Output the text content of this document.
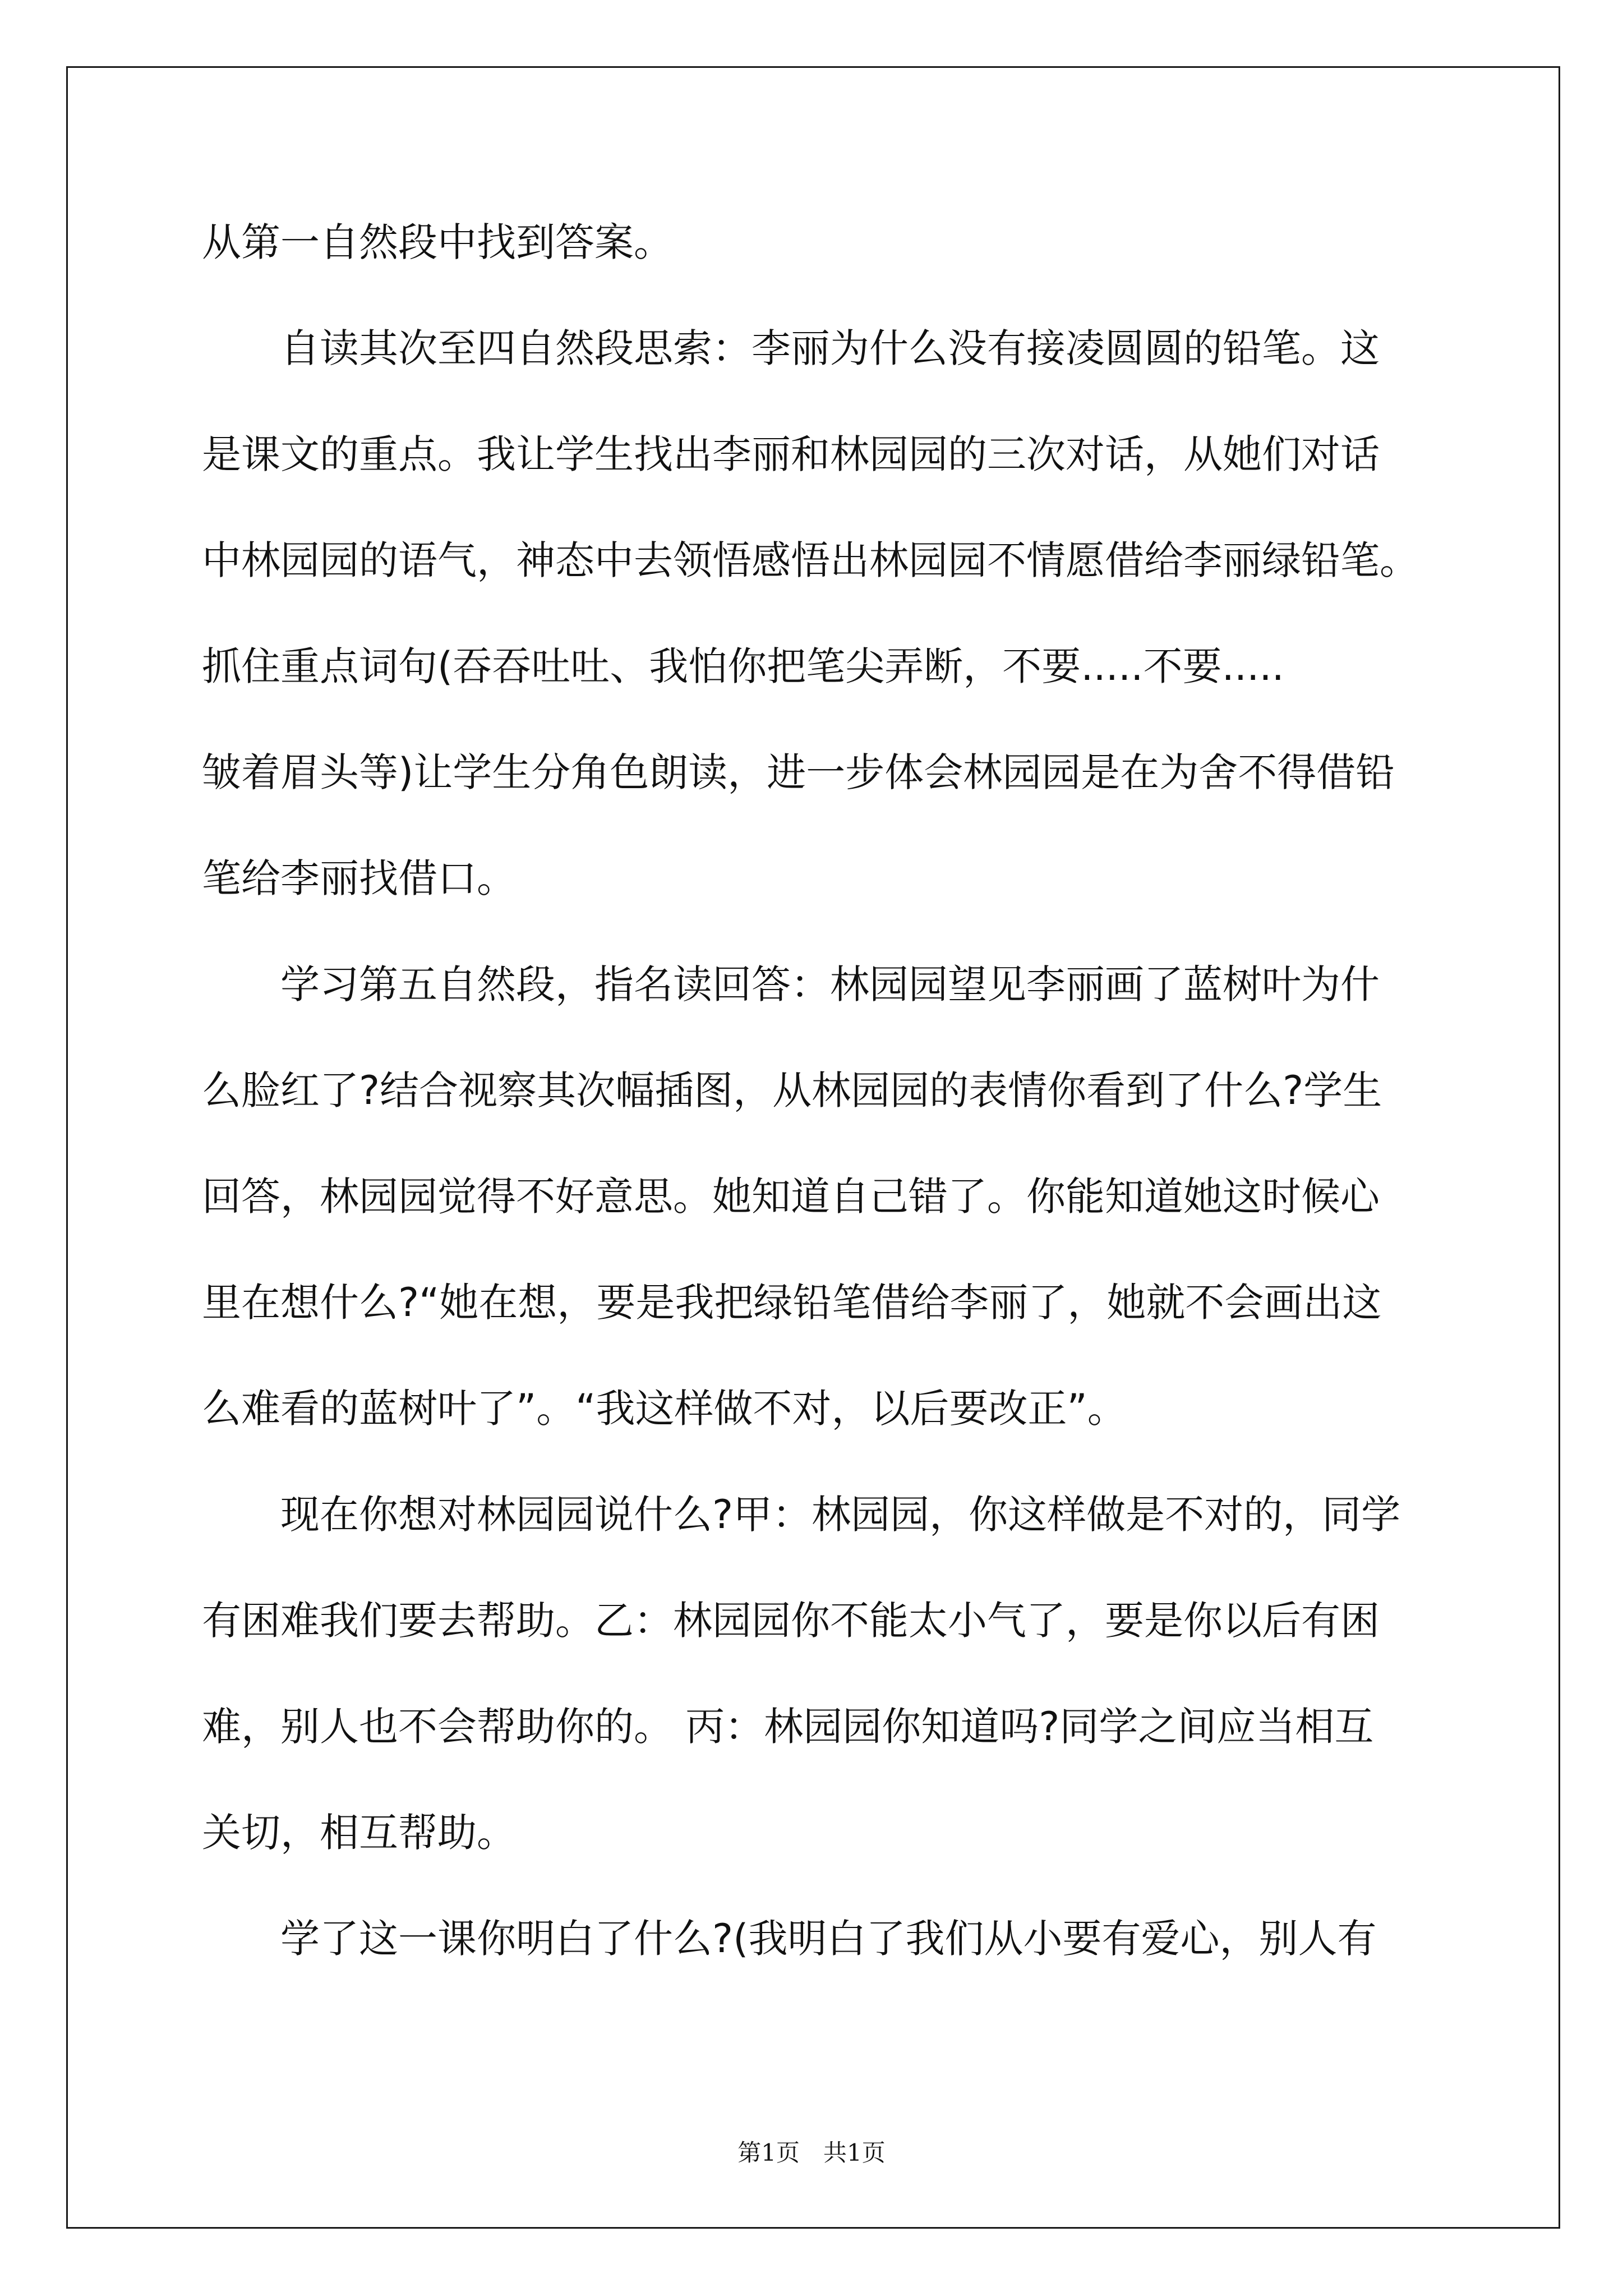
从第一自然段中找到答案。
自读其次至四自然段思索：李丽为什么没有接凌圆圆的铅笔。这
是课文的重点。我让学生找出李丽和林园园的三次对话，从她们对话
中林园园的语气，神态中去领悟感悟出林园园不情愿借给李丽绿铅笔。
抓住重点词句(吞吞吐吐、我怕你把笔尖弄断，不要.....不要.....
皱着眉头等)让学生分角色朗读，进一步体会林园园是在为舍不得借铅
笔给李丽找借口。
学习第五自然段，指名读回答：林园园望见李丽画了蓝树叶为什
么脸红了?结合视察其次幅插图，从林园园的表情你看到了什么?学生
回答，林园园觉得不好意思。她知道自己错了。你能知道她这时候心
里在想什么?“她在想，要是我把绿铅笔借给李丽了，她就不会画出这
么难看的蓝树叶了”。“我这样做不对，以后要改正”。
现在你想对林园园说什么?甲：林园园，你这样做是不对的，同学
有困难我们要去帮助。乙：林园园你不能太小气了，要是你以后有困
难，别人也不会帮助你的。 丙：林园园你知道吗?同学之间应当相互
关切，相互帮助。
学了这一课你明白了什么?(我明白了我们从小要有爱心，别人有
第1页　共1页
